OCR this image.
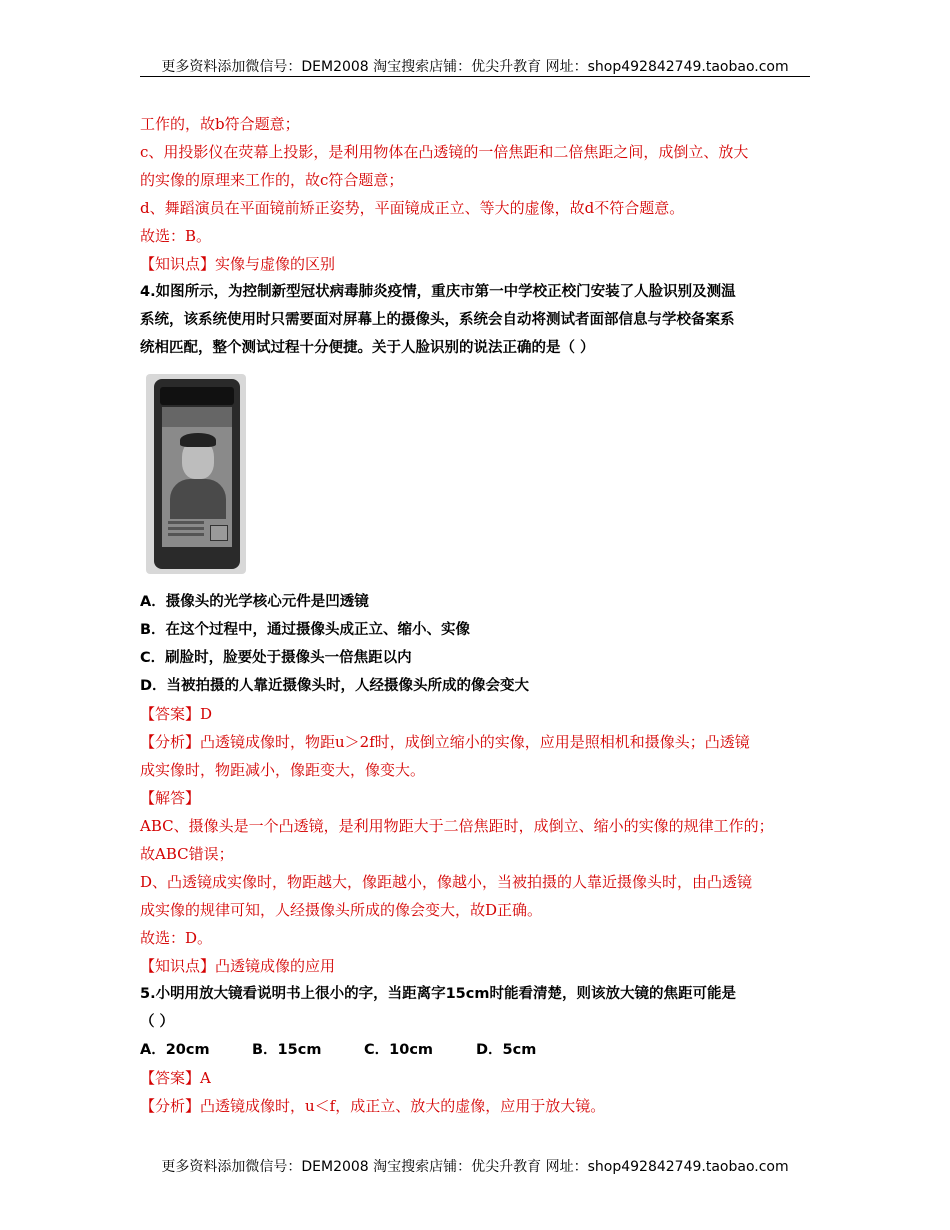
更多资料添加微信号：DEM2008 淘宝搜索店铺：优尖升教育 网址：shop492842749.taobao.com
工作的，故b符合题意；
c、用投影仪在荧幕上投影，是利用物体在凸透镜的一倍焦距和二倍焦距之间，成倒立、放大
的实像的原理来工作的，故c符合题意；
d、舞蹈演员在平面镜前矫正姿势，平面镜成正立、等大的虚像，故d不符合题意。
故选：B。
【知识点】实像与虚像的区别
4.如图所示，为控制新型冠状病毒肺炎疫情，重庆市第一中学校正校门安装了人脸识别及测温
系统，该系统使用时只需要面对屏幕上的摄像头，系统会自动将测试者面部信息与学校备案系
统相匹配，整个测试过程十分便捷。关于人脸识别的说法正确的是（ ）
A．摄像头的光学核心元件是凹透镜
B．在这个过程中，通过摄像头成正立、缩小、实像
C．刷脸时，脸要处于摄像头一倍焦距以内
D．当被拍摄的人靠近摄像头时，人经摄像头所成的像会变大
【答案】D
【分析】凸透镜成像时，物距u＞2f时，成倒立缩小的实像，应用是照相机和摄像头；凸透镜
成实像时，物距减小，像距变大，像变大。
【解答】
ABC、摄像头是一个凸透镜，是利用物距大于二倍焦距时，成倒立、缩小的实像的规律工作的；
故ABC错误；
D、凸透镜成实像时，物距越大，像距越小，像越小，当被拍摄的人靠近摄像头时，由凸透镜
成实像的规律可知，人经摄像头所成的像会变大，故D正确。
故选：D。
【知识点】凸透镜成像的应用
5.小明用放大镜看说明书上很小的字，当距离字15cm时能看清楚，则该放大镜的焦距可能是
（ ）
A．20cm	B．15cm	C．10cm	D．5cm
【答案】A
【分析】凸透镜成像时，u＜f，成正立、放大的虚像，应用于放大镜。
更多资料添加微信号：DEM2008 淘宝搜索店铺：优尖升教育 网址：shop492842749.taobao.com
